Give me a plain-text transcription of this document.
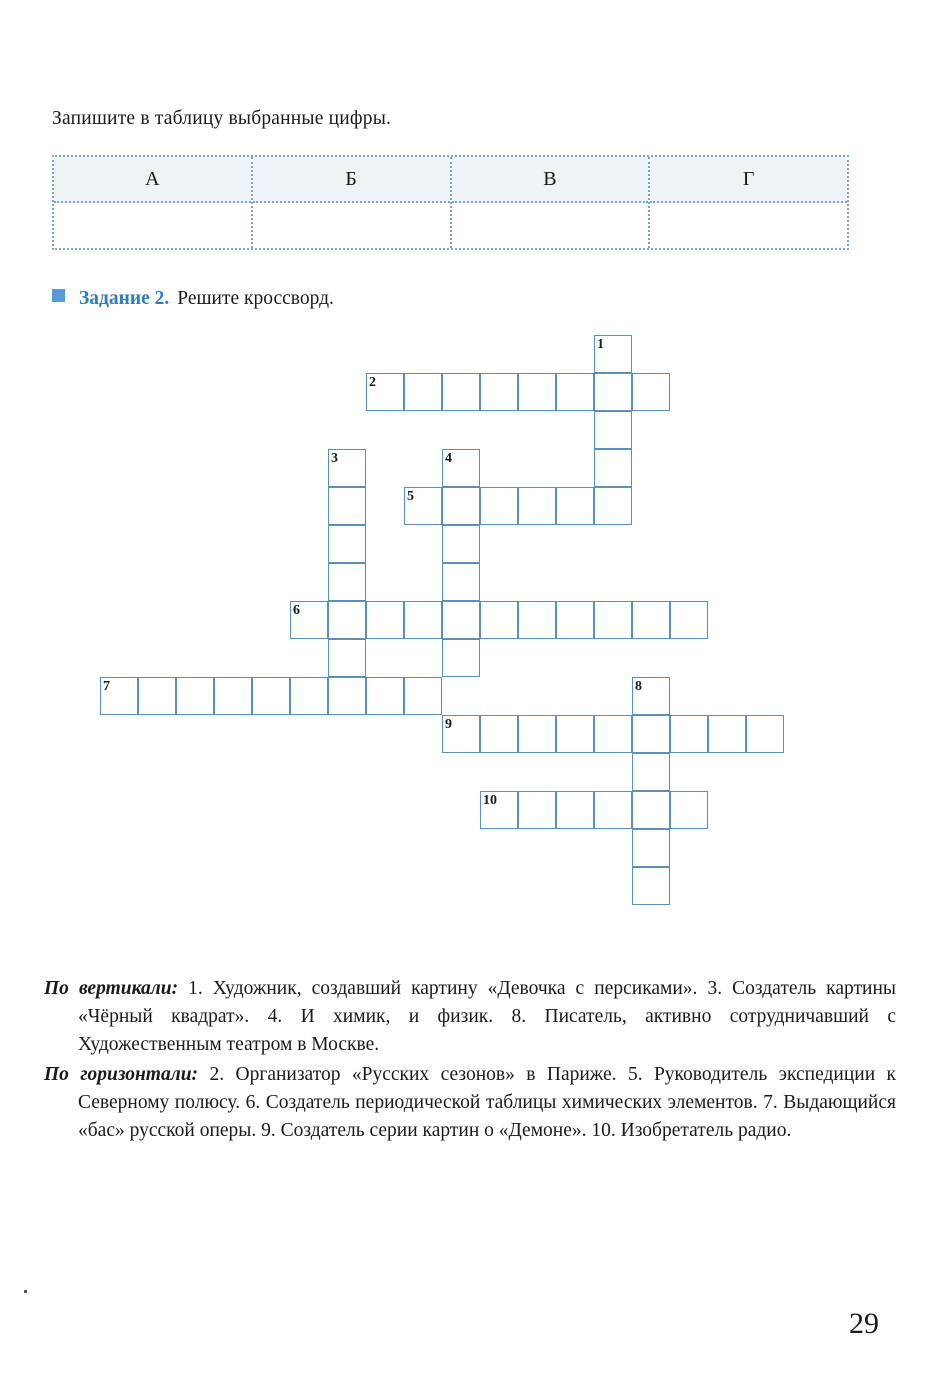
Запишите в таблицу выбранные цифры.
А	Б	В	Г
Задание 2. Решите кроссворд.
1
2
3	4
5
6
7	8
9
10
По вертикали: 1. Художник, создавший картину «Девочка с персиками». 3. Создатель картины «Чёрный квадрат». 4. И химик, и физик. 8. Писатель, активно сотрудничавший с Художественным театром в Москве.
По горизонтали: 2. Организатор «Русских сезонов» в Париже. 5. Руководитель экспедиции к Северному полюсу. 6. Создатель периодической таблицы химических элементов. 7. Выдающийся «бас» русской оперы. 9. Создатель серии картин о «Демоне». 10. Изобретатель радио.
29
